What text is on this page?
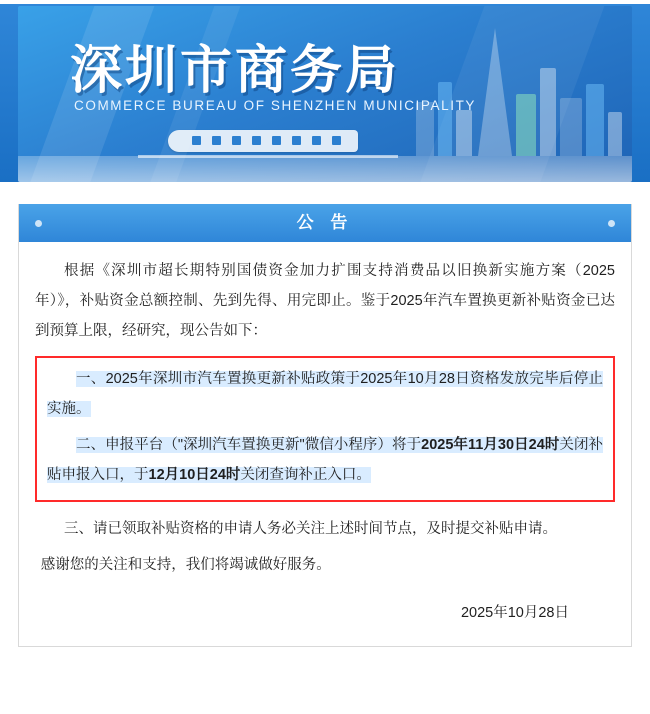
深圳市商务局
COMMERCE BUREAU OF SHENZHEN MUNICIPALITY
公 告

根据《深圳市超长期特别国债资金加力扩围支持消费品以旧换新实施方案（2025年）》，补贴资金总额控制、先到先得、用完即止。鉴于2025年汽车置换更新补贴资金已达到预算上限，经研究，现公告如下：

一、2025年深圳市汽车置换更新补贴政策于2025年10月28日资格发放完毕后停止实施。

二、申报平台（"深圳汽车置换更新"微信小程序）将于2025年11月30日24时关闭补贴申报入口，于12月10日24时关闭查询补正入口。

三、请已领取补贴资格的申请人务必关注上述时间节点，及时提交补贴申请。

感谢您的关注和支持，我们将竭诚做好服务。

2025年10月28日
